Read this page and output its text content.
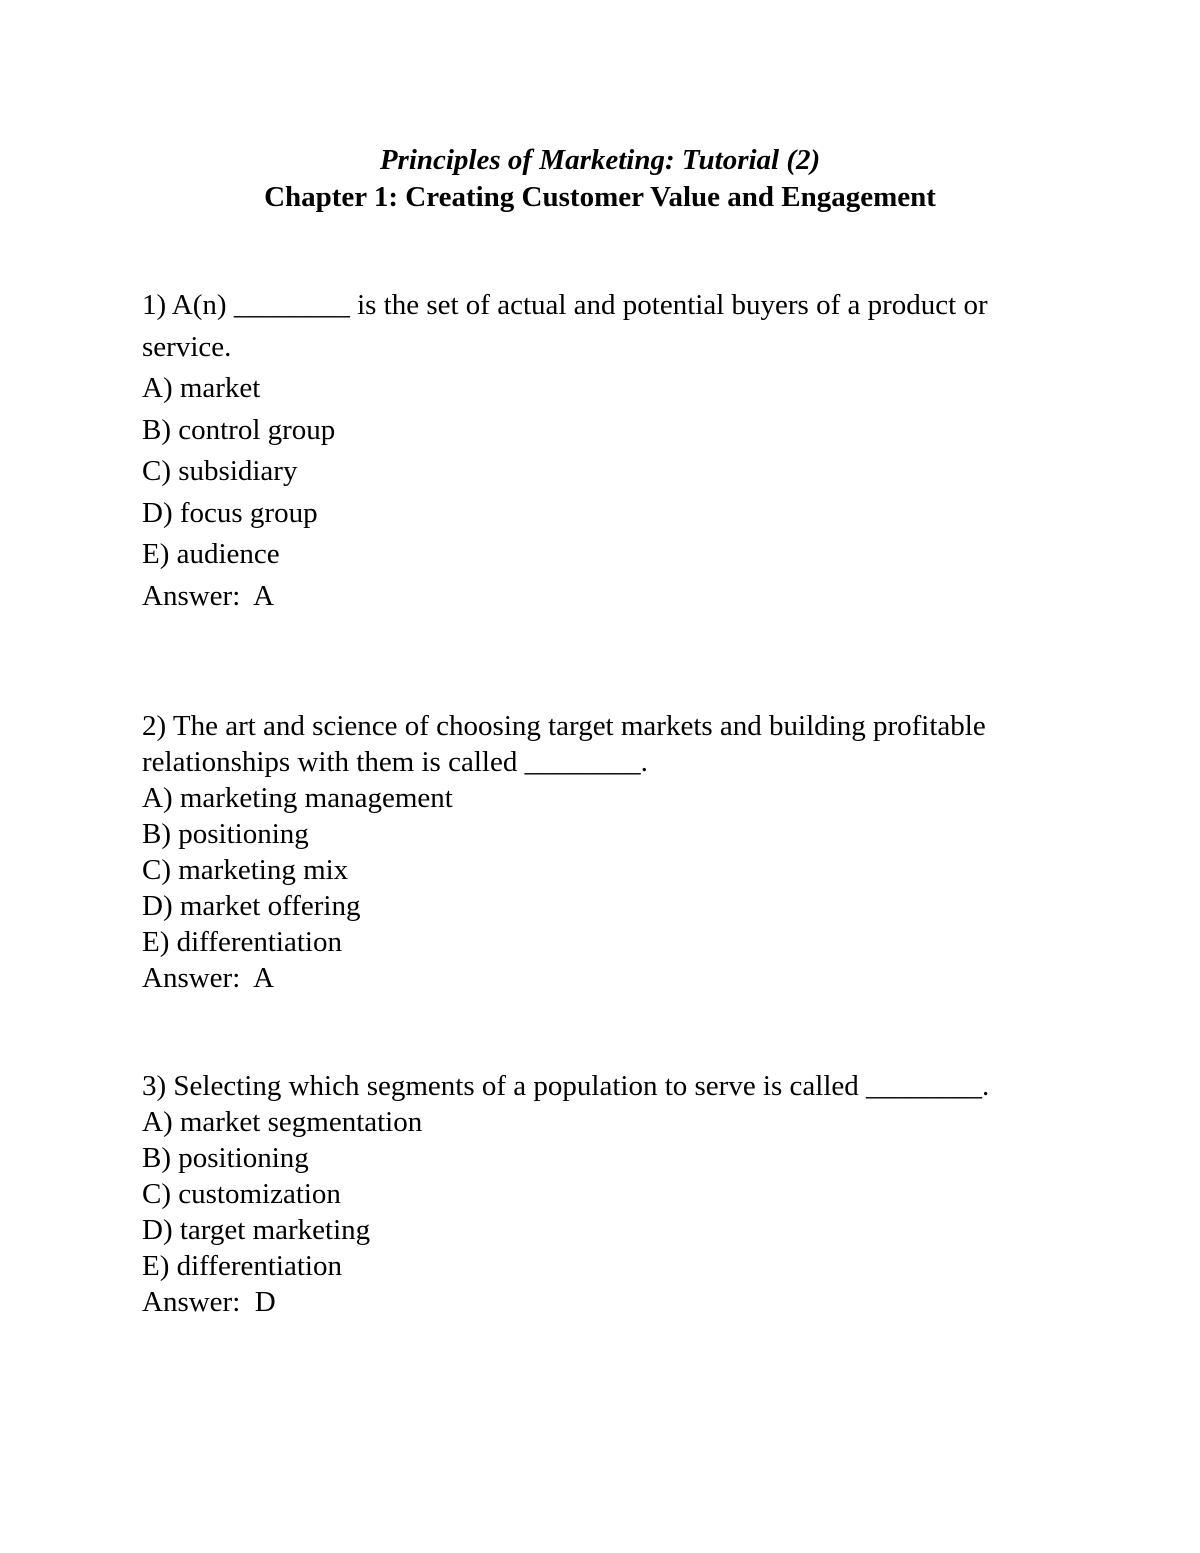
Principles of Marketing: Tutorial (2)
Chapter 1: Creating Customer Value and Engagement

1) A(n) ________ is the set of actual and potential buyers of a product or service.

A) market

B) control group

C) subsidiary

D) focus group

E) audience

Answer:  A

2) The art and science of choosing target markets and building profitable relationships with them is called ________.

A) marketing management

B) positioning

C) marketing mix

D) market offering

E) differentiation

Answer:  A

3) Selecting which segments of a population to serve is called ________.

A) market segmentation

B) positioning

C) customization

D) target marketing

E) differentiation

Answer:  D
